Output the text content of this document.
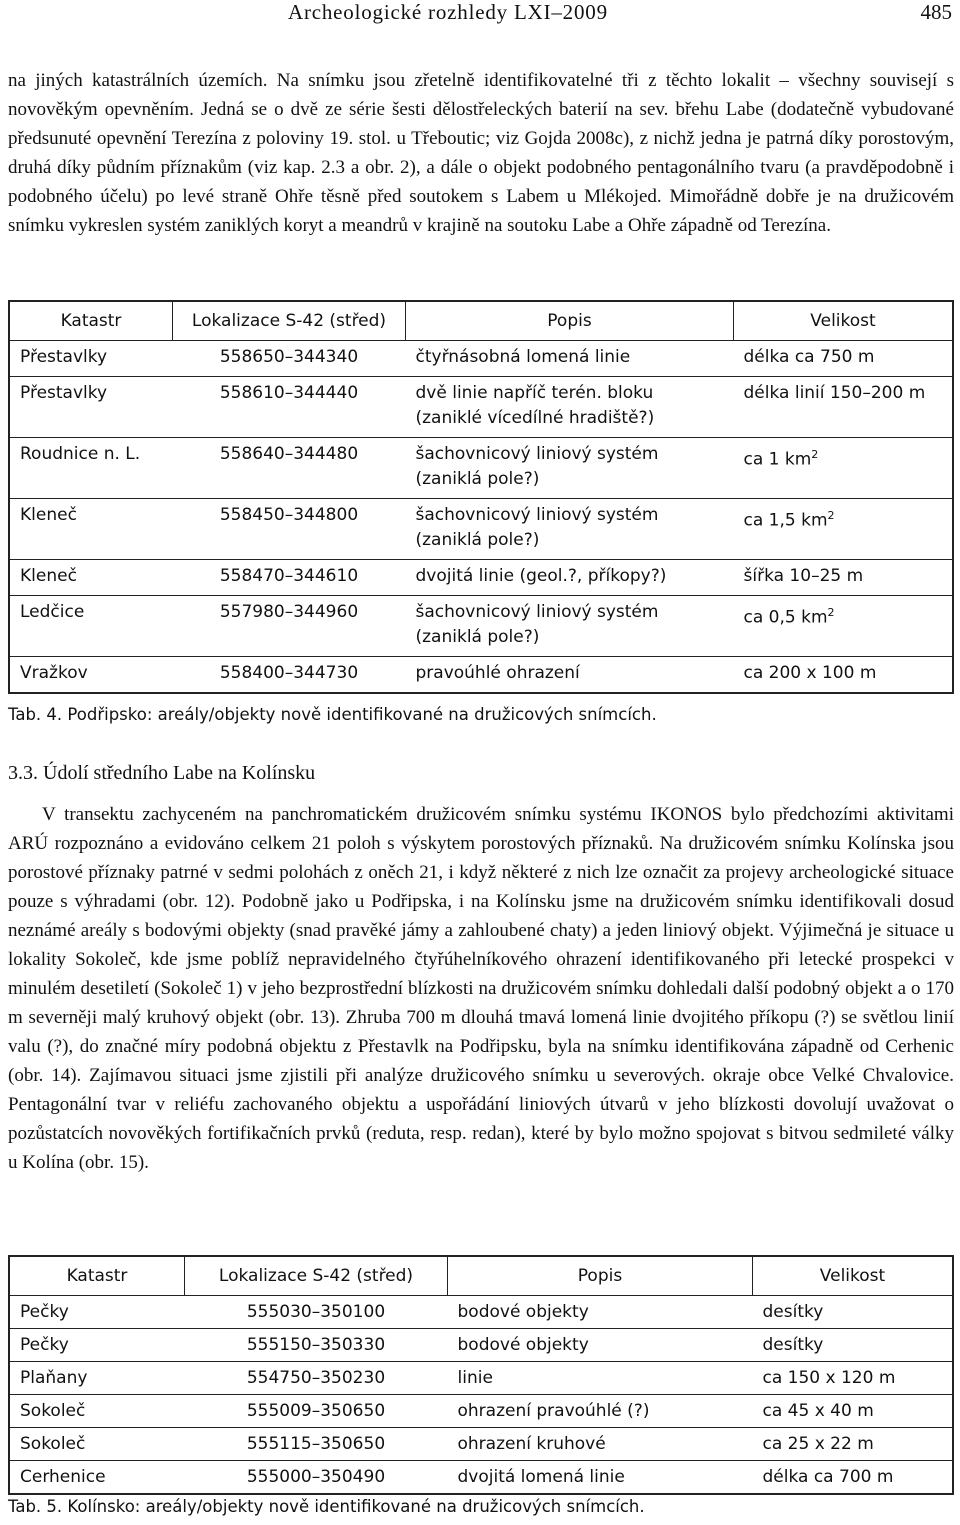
Archeologické rozhledy LXI–2009	485

na jiných katastrálních územích. Na snímku jsou zřetelně identifikovatelné tři z těchto lokalit – všechny souvisejí s novověkým opevněním. Jedná se o dvě ze série šesti dělostřeleckých baterií na sev. břehu Labe (dodatečně vybudované předsunuté opevnění Terezína z poloviny 19. stol. u Třeboutic; viz Gojda 2008c), z nichž jedna je patrná díky porostovým, druhá díky půdním příznakům (viz kap. 2.3 a obr. 2), a dále o objekt podobného pentagonálního tvaru (a pravděpodobně i podobného účelu) po levé straně Ohře těsně před soutokem s Labem u Mlékojed. Mimořádně dobře je na družicovém snímku vykreslen systém zaniklých koryt a meandrů v krajině na soutoku Labe a Ohře západně od Terezína.

Katastr	Lokalizace S-42 (střed)	Popis	Velikost
Přestavlky	558650–344340	čtyřnásobná lomená linie	délka ca 750 m
Přestavlky	558610–344440	dvě linie napříč terén. bloku (zaniklé vícedílné hradiště?)	délka linií 150–200 m
Roudnice n. L.	558640–344480	šachovnicový liniový systém (zaniklá pole?)	ca 1 $km^2$
Kleneč	558450–344800	šachovnicový liniový systém (zaniklá pole?)	ca 1,5 $km^2$
Kleneč	558470–344610	dvojitá linie (geol.?, příkopy?)	šířka 10–25 m
Ledčice	557980–344960	šachovnicový liniový systém (zaniklá pole?)	ca 0,5 $km^2$
Vražkov	558400–344730	pravoúhlé ohrazení	ca 200 x 100 m

Tab. 4. Podřipsko: areály/objekty nově identifikované na družicových snímcích.

3.3. Údolí středního Labe na Kolínsku

V transektu zachyceném na panchromatickém družicovém snímku systému IKONOS bylo předchozími aktivitami ARÚ rozpoznáno a evidováno celkem 21 poloh s výskytem porostových příznaků. Na družicovém snímku Kolínska jsou porostové příznaky patrné v sedmi polohách z oněch 21, i když některé z nich lze označit za projevy archeologické situace pouze s výhradami (obr. 12). Podobně jako u Podřipska, i na Kolínsku jsme na družicovém snímku identifikovali dosud neznámé areály s bodovými objekty (snad pravěké jámy a zahloubené chaty) a jeden liniový objekt. Výjimečná je situace u lokality Sokoleč, kde jsme poblíž nepravidelného čtyřúhelníkového ohrazení identifikovaného při letecké prospekci v minulém desetiletí (Sokoleč 1) v jeho bezprostřední blízkosti na družicovém snímku dohledali další podobný objekt a o 170 m severněji malý kruhový objekt (obr. 13). Zhruba 700 m dlouhá tmavá lomená linie dvojitého příkopu (?) se světlou linií valu (?), do značné míry podobná objektu z Přestavlk na Podřipsku, byla na snímku identifikována západně od Cerhenic (obr. 14). Zajímavou situaci jsme zjistili při analýze družicového snímku u severových. okraje obce Velké Chvalovice. Pentagonální tvar v reliéfu zachovaného objektu a uspořádání liniových útvarů v jeho blízkosti dovolují uvažovat o pozůstatcích novověkých fortifikačních prvků (reduta, resp. redan), které by bylo možno spojovat s bitvou sedmileté války u Kolína (obr. 15).

Katastr	Lokalizace S-42 (střed)	Popis	Velikost
Pečky	555030–350100	bodové objekty	desítky
Pečky	555150–350330	bodové objekty	desítky
Plaňany	554750–350230	linie	ca 150 x 120 m
Sokoleč	555009–350650	ohrazení pravoúhlé (?)	ca 45 x 40 m
Sokoleč	555115–350650	ohrazení kruhové	ca 25 x 22 m
Cerhenice	555000–350490	dvojitá lomená linie	délka ca 700 m

Tab. 5. Kolínsko: areály/objekty nově identifikované na družicových snímcích.
